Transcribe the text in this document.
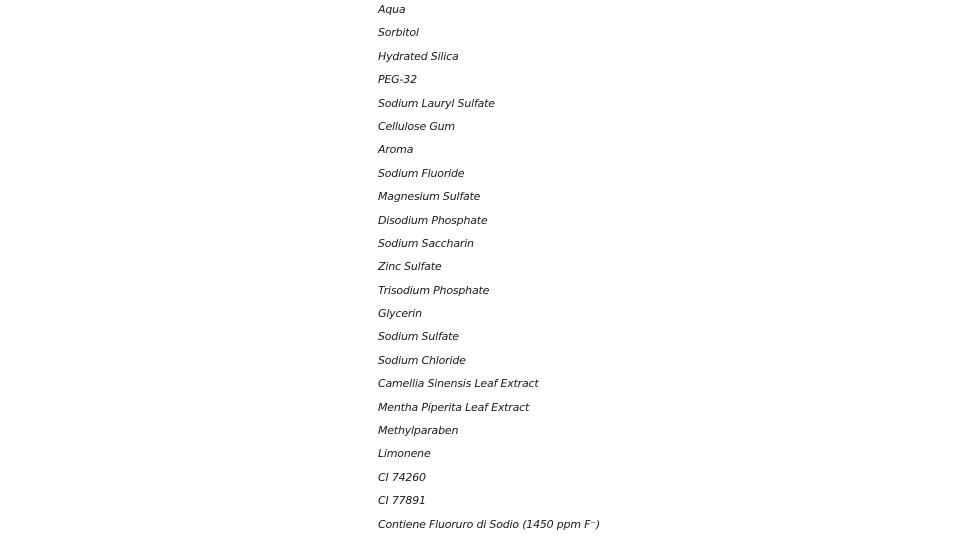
Aqua
Sorbitol
Hydrated Silica
PEG-32
Sodium Lauryl Sulfate
Cellulose Gum
Aroma
Sodium Fluoride
Magnesium Sulfate
Disodium Phosphate
Sodium Saccharin
Zinc Sulfate
Trisodium Phosphate
Glycerin
Sodium Sulfate
Sodium Chloride
Camellia Sinensis Leaf Extract
Mentha Piperita Leaf Extract
Methylparaben
Limonene
CI 74260
CI 77891
Contiene Fluoruro di Sodio (1450 ppm F⁻)
